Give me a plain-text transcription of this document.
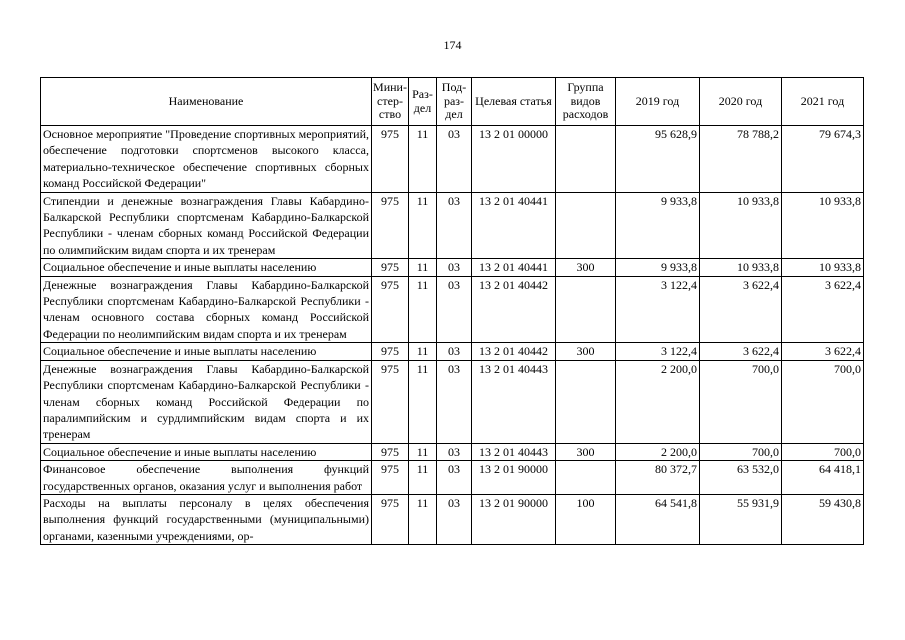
174
Наименование	Мини-стер-ство	Раз-дел	Под-раз-дел	Целевая статья	Группа видов расходов	2019 год	2020 год	2021 год
Основное мероприятие "Проведение спортивных мероприятий, обеспечение подготовки спортсменов высокого класса, материально-техническое обеспечение спортивных сборных команд Российской Федерации"	975	11	03	13 2 01 00000		95 628,9	78 788,2	79 674,3
Стипендии и денежные вознаграждения Главы Кабардино-Балкарской Республики спортсменам Кабардино-Балкарской Республики - членам сборных команд Российской Федерации по олимпийским видам спорта и их тренерам	975	11	03	13 2 01 40441		9 933,8	10 933,8	10 933,8
Социальное обеспечение и иные выплаты населению	975	11	03	13 2 01 40441	300	9 933,8	10 933,8	10 933,8
Денежные вознаграждения Главы Кабардино-Балкарской Республики спортсменам Кабардино-Балкарской Республики - членам основного состава сборных команд Российской Федерации по неолимпийским видам спорта и их тренерам	975	11	03	13 2 01 40442		3 122,4	3 622,4	3 622,4
Социальное обеспечение и иные выплаты населению	975	11	03	13 2 01 40442	300	3 122,4	3 622,4	3 622,4
Денежные вознаграждения Главы Кабардино-Балкарской Республики спортсменам Кабардино-Балкарской Республики - членам сборных команд Российской Федерации по паралимпийским и сурдлимпийским видам спорта и их тренерам	975	11	03	13 2 01 40443		2 200,0	700,0	700,0
Социальное обеспечение и иные выплаты населению	975	11	03	13 2 01 40443	300	2 200,0	700,0	700,0
Финансовое обеспечение выполнения функций государственных органов, оказания услуг и выполнения работ	975	11	03	13 2 01 90000		80 372,7	63 532,0	64 418,1
Расходы на выплаты персоналу в целях обеспечения выполнения функций государственными (муниципальными) органами, казенными учреждениями, ор-	975	11	03	13 2 01 90000	100	64 541,8	55 931,9	59 430,8
